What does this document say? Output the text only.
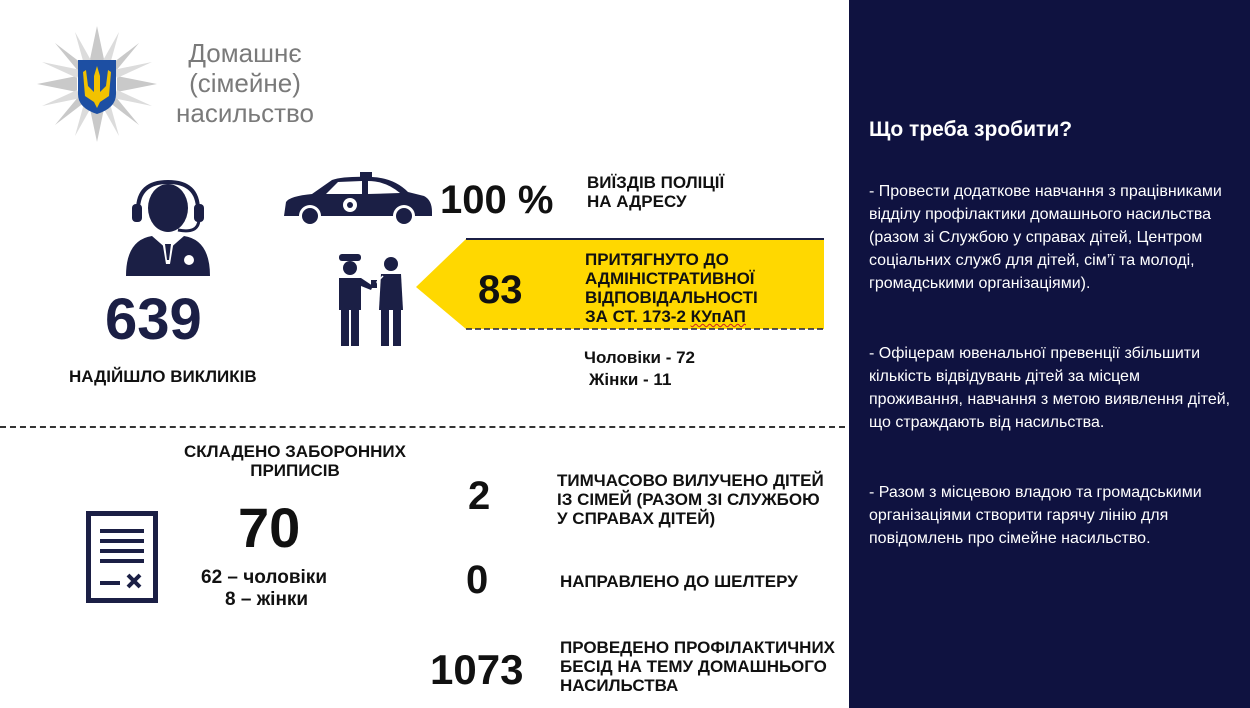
Домашнє
(сімейне)
насильство
639
НАДІЙШЛО ВИКЛИКІВ
100 % ВИЇЗДІВ ПОЛІЦІЇ
НА АДРЕСУ
83
ПРИТЯГНУТО ДО
АДМІНІСТРАТИВНОЇ
ВІДПОВІДАЛЬНОСТІ
ЗА СТ. 173-2 КУпАП
Чоловіки - 72
Жінки - 11
СКЛАДЕНО ЗАБОРОННИХ
ПРИПИСІВ
70
62 – чоловіки
8 – жінки
2	ТИМЧАСОВО ВИЛУЧЕНО ДІТЕЙ
ІЗ СІМЕЙ (РАЗОМ ЗІ СЛУЖБОЮ
У СПРАВАХ ДІТЕЙ)
0	НАПРАВЛЕНО ДО ШЕЛТЕРУ
1073 ПРОВЕДЕНО ПРОФІЛАКТИЧНИХ
БЕСІД НА ТЕМУ ДОМАШНЬОГО
НАСИЛЬСТВА
Що треба зробити?

- Провести додаткове навчання з працівниками відділу профілактики домашнього насильства (разом зі Службою у справах дітей, Центром соціальних служб для дітей, сім’ї та молоді, громадськими організаціями).

- Офіцерам ювенальної превенції збільшити кількість відвідувань дітей за місцем проживання, навчання з метою виявлення дітей, що страждають від насильства.

- Разом з місцевою владою та громадськими організаціями створити гарячу лінію для повідомлень про сімейне насильство.
